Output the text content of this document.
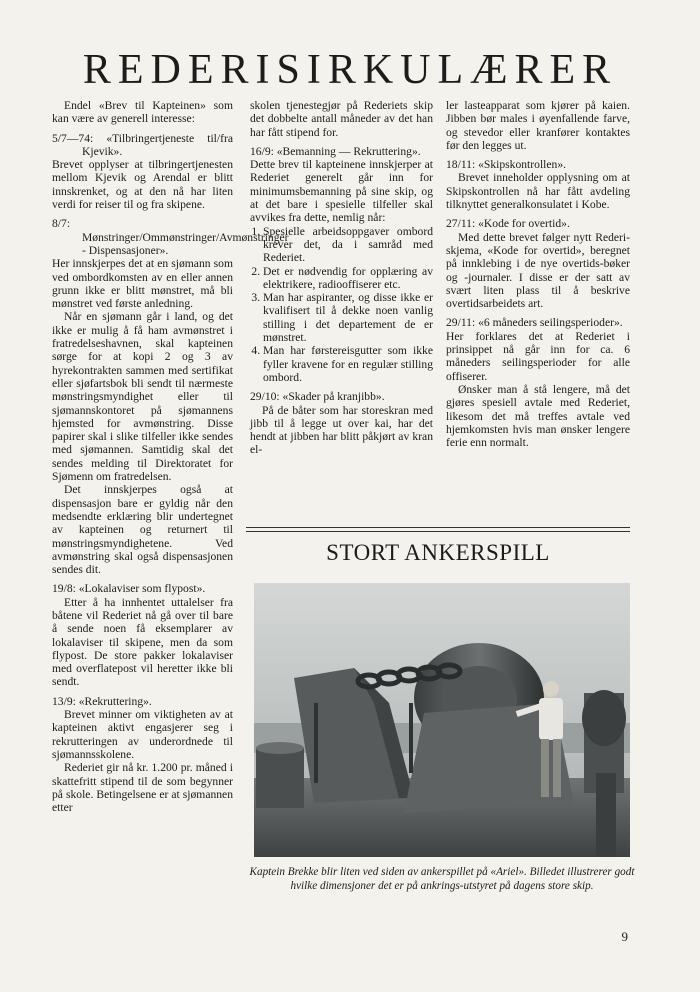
REDERISIRKULÆRER

Endel «Brev til Kapteinen» som kan være av generell interesse:

5/7—74: «Tilbringertjeneste til/fra Kjevik».

Brevet opplyser at tilbringertjenesten mellom Kjevik og Arendal er blitt innskrenket, og at den nå har liten verdi for reiser til og fra skipene.

8/7: Mønstringer/Ommønstringer/Avmønstringer - Dispensasjoner».

Her innskjerpes det at en sjømann som ved ombordkomsten av en eller annen grunn ikke er blitt mønstret, må bli mønstret ved første anledning.

Når en sjømann går i land, og det ikke er mulig å få ham avmønstret i fratredelseshavnen, skal kapteinen sørge for at kopi 2 og 3 av hyrekontrakten sammen med sertifikat eller sjøfartsbok bli sendt til nærmeste mønstringsmyndighet eller til sjømannskontoret på sjømannens hjemsted for avmønstring. Disse papirer skal i slike tilfeller ikke sendes med sjømannen. Samtidig skal det sendes melding til Direktoratet for Sjømenn om fratredelsen.

Det innskjerpes også at dispensasjon bare er gyldig når den medsendte erklæring blir undertegnet av kapteinen og returnert til mønstringsmyndighetene. Ved avmønstring skal også dispensasjonen sendes dit.

19/8: «Lokalaviser som flypost».

Etter å ha innhentet uttalelser fra båtene vil Rederiet nå gå over til bare å sende noen få eksemplarer av lokalaviser til skipene, men da som flypost. De store pakker lokalaviser med overflatepost vil heretter ikke bli sendt.

13/9: «Rekruttering».

Brevet minner om viktigheten av at kapteinen aktivt engasjerer seg i rekrutteringen av underordnede til sjømannsskolene.

Rederiet gir nå kr. 1.200 pr. måned i skattefritt stipend til de som begynner på skole. Betingelsene er at sjømannen etter

skolen tjenestegjør på Rederiets skip det dobbelte antall måneder av det han har fått stipend for.

16/9: «Bemanning — Rekruttering».

Dette brev til kapteinene innskjerper at Rederiet generelt går inn for minimumsbemanning på sine skip, og at det bare i spesielle tilfeller skal avvikes fra dette, nemlig når:

1. Spesielle arbeidsoppgaver ombord krever det, da i samråd med Rederiet.
2. Det er nødvendig for opplæring av elektrikere, radiooffiserer etc.
3. Man har aspiranter, og disse ikke er kvalifisert til å dekke noen vanlig stilling i det departement de er mønstret.
4. Man har førstereisgutter som ikke fyller kravene for en regulær stilling ombord.

29/10: «Skader på kranjibb».

På de båter som har storeskran med jibb til å legge ut over kai, har det hendt at jibben har blitt påkjørt av kran el-

ler lasteapparat som kjører på kaien. Jibben bør males i øyenfallende farve, og stevedor eller kranfører kontaktes før den legges ut.

18/11: «Skipskontrollen».

Brevet inneholder opplysning om at Skipskontrollen nå har fått avdeling tilknyttet generalkonsulatet i Kobe.

27/11: «Kode for overtid».

Med dette brevet følger nytt Rederi-skjema, «Kode for overtid», beregnet på innklebing i de nye overtids-bøker og -journaler. I disse er der satt av svært liten plass til å beskrive overtidsarbeidets art.

29/11: «6 måneders seilingsperioder».

Her forklares det at Rederiet i prinsippet nå går inn for ca. 6 måneders seilingsperioder for alle offiserer.

Ønsker man å stå lengere, må det gjøres spesiell avtale med Rederiet, likesom det må treffes avtale ved hjemkomsten hvis man ønsker lengere ferie enn normalt.

STORT ANKERSPILL
Kaptein Brekke blir liten ved siden av ankerspillet på «Ariel». Billedet illustrerer godt hvilke dimensjoner det er på ankrings-utstyret på dagens store skip.
9
